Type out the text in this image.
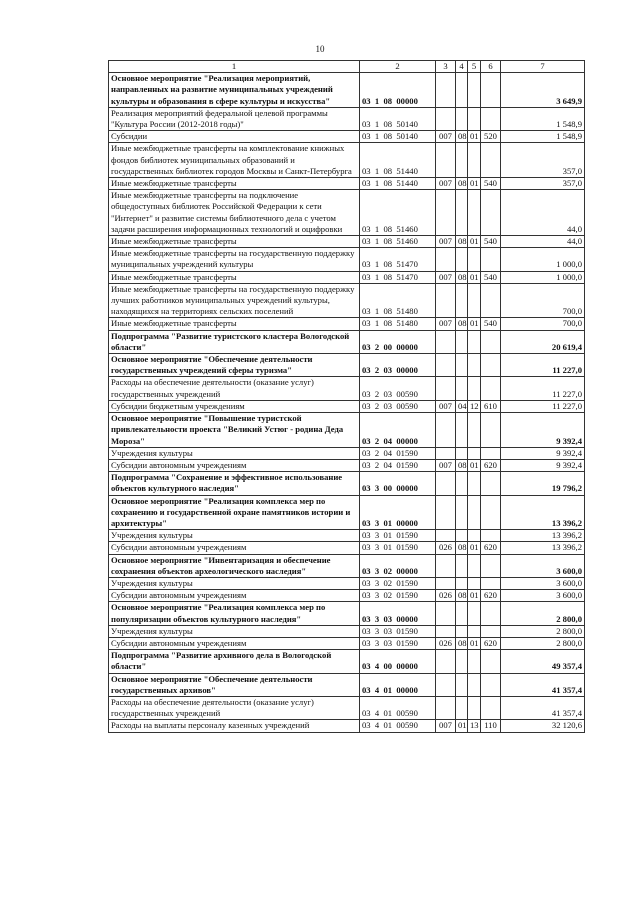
10
1	2	3	4	5	6	7
Основное мероприятие "Реализация мероприятий, направленных на развитие муниципальных учреждений культуры и образования в сфере культуры и искусства"	03  1  08  00000					3 649,9
Реализация мероприятий федеральной целевой программы "Культура России (2012-2018 годы)"	03  1  08  50140					1 548,9
Субсидии	03  1  08  50140	007	08	01	520	1 548,9
Иные межбюджетные трансферты на комплектование книжных фондов библиотек муниципальных образований и государственных библиотек городов Москвы и Санкт-Петербурга	03  1  08  51440					357,0
Иные межбюджетные трансферты	03  1  08  51440	007	08	01	540	357,0
Иные межбюджетные трансферты на подключение общедоступных библиотек Российской Федерации к сети "Интернет" и развитие системы библиотечного дела с учетом задачи расширения информационных технологий и оцифровки	03  1  08  51460					44,0
Иные межбюджетные трансферты	03  1  08  51460	007	08	01	540	44,0
Иные межбюджетные трансферты на государственную поддержку муниципальных учреждений культуры	03  1  08  51470					1 000,0
Иные межбюджетные трансферты	03  1  08  51470	007	08	01	540	1 000,0
Иные межбюджетные трансферты на государственную поддержку лучших работников муниципальных учреждений культуры, находящихся на территориях сельских поселений	03  1  08  51480					700,0
Иные межбюджетные трансферты	03  1  08  51480	007	08	01	540	700,0
Подпрограмма "Развитие туристского кластера Вологодской области"	03  2  00  00000					20 619,4
Основное мероприятие "Обеспечение деятельности государственных учреждений сферы туризма"	03  2  03  00000					11 227,0
Расходы на обеспечение деятельности (оказание услуг) государственных учреждений	03  2  03  00590					11 227,0
Субсидии бюджетным учреждениям	03  2  03  00590	007	04	12	610	11 227,0
Основное мероприятие "Повышение туристской привлекательности проекта "Великий Устюг - родина Деда Мороза"	03  2  04  00000					9 392,4
Учреждения культуры	03  2  04  01590					9 392,4
Субсидии автономным учреждениям	03  2  04  01590	007	08	01	620	9 392,4
Подпрограмма "Сохранение и эффективное использование объектов культурного наследия"	03  3  00  00000					19 796,2
Основное мероприятие "Реализация комплекса мер по сохранению и государственной охране памятников истории и архитектуры"	03  3  01  00000					13 396,2
Учреждения культуры	03  3  01  01590					13 396,2
Субсидии автономным учреждениям	03  3  01  01590	026	08	01	620	13 396,2
Основное мероприятие "Инвентаризация и обеспечение сохранения объектов археологического наследия"	03  3  02  00000					3 600,0
Учреждения культуры	03  3  02  01590					3 600,0
Субсидии автономным учреждениям	03  3  02  01590	026	08	01	620	3 600,0
Основное мероприятие "Реализация комплекса мер по популяризации объектов культурного наследия"	03  3  03  00000					2 800,0
Учреждения культуры	03  3  03  01590					2 800,0
Субсидии автономным учреждениям	03  3  03  01590	026	08	01	620	2 800,0
Подпрограмма "Развитие архивного дела в Вологодской области"	03  4  00  00000					49 357,4
Основное мероприятие "Обеспечение деятельности государственных архивов"	03  4  01  00000					41 357,4
Расходы на обеспечение деятельности (оказание услуг) государственных учреждений	03  4  01  00590					41 357,4
Расходы на выплаты персоналу казенных учреждений	03  4  01  00590	007	01	13	110	32 120,6
